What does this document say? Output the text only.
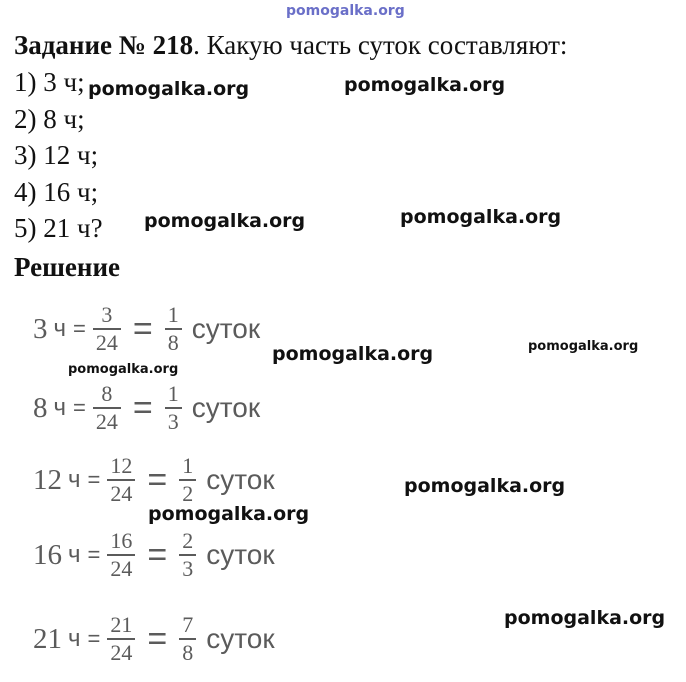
pomogalka.org
pomogalka.org	pomogalka.org
pomogalka.org	pomogalka.org
pomogalka.org	pomogalka.org
pomogalka.org
pomogalka.org
pomogalka.org
pomogalka.org
Задание № 218. Какую часть суток составляют:
1) 3 ч;
2) 8 ч;
3) 12 ч;
4) 16 ч;
5) 21 ч?
Решение
3 $ч = \frac{3}{24} = \frac{1}{8}$ суток
8 $ч = \frac{8}{24} = \frac{1}{3}$ суток
12 $ч = \frac{12}{24} = \frac{1}{2}$ суток
16 $ч = \frac{16}{24} = \frac{2}{3}$ суток
21 $ч = \frac{21}{24} = \frac{7}{8}$ суток
